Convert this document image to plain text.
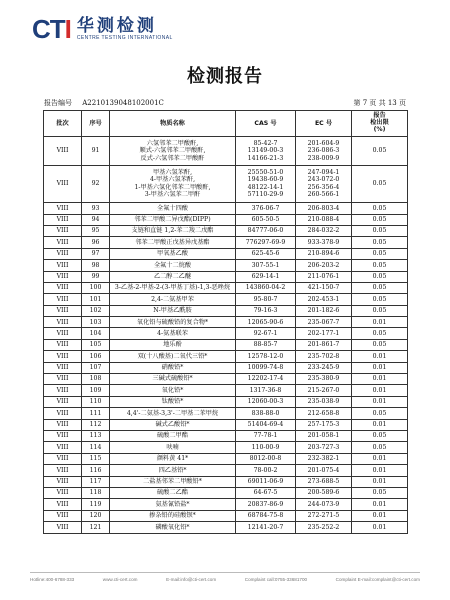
C T I 华测检测
CENTRE TESTING INTERNATIONAL
检测报告
报告编号 A2210139048102001C	第 7 页 共 13 页
批次	序号	物质名称	CAS 号	EC 号	报告
检出限
(%)

VIII	91	六氢邻苯二甲酸酐,
顺式-六氢邻苯二甲酸酐,
反式-六氢邻苯二甲酸酐	85-42-7
13149-00-3
14166-21-3	201-604-9
236-086-3
238-009-9	0.05
VIII	92	甲基六氢苯酐,
4-甲基六氢苯酐,
1-甲基六氢化邻苯二甲酸酐,
3-甲基六氢苯二甲酐	25550-51-0
19438-60-9
48122-14-1
57110-29-9	247-094-1
243-072-0
256-356-4
260-566-1	0.05
VIII	93	全氟十四酸	376-06-7	206-803-4	0.05
VIII	94	邻苯二甲酸二异戊酯(DIPP)	605-50-5	210-088-4	0.05
VIII	95	支链和直链 1,2-苯二羧二戊酯	84777-06-0	284-032-2	0.05
VIII	96	邻苯二甲酸正戊基异戊基酯	776297-69-9	933-378-9	0.05
VIII	97	甲氧基乙酸	625-45-6	210-894-6	0.05
VIII	98	全氟十二烷酸	307-55-1	206-203-2	0.05
VIII	99	乙二醇二乙醚	629-14-1	211-076-1	0.05
VIII	100	3-乙基-2-甲基-2-(3-甲基丁基)-1,3-恶唑烷	143860-04-2	421-150-7	0.05
VIII	101	2,4-二氨基甲苯	95-80-7	202-453-1	0.05
VIII	102	N-甲基乙酰胺	79-16-3	201-182-6	0.05
VIII	103	氧化铅与硫酸铅的复合物*	12065-90-6	235-067-7	0.01
VIII	104	4-氨基联苯	92-67-1	202-177-1	0.05
VIII	105	地乐酚	88-85-7	201-861-7	0.05
VIII	106	双(十八酸基)二氧代三铅*	12578-12-0	235-702-8	0.01
VIII	107	硝酸铅*	10099-74-8	233-245-9	0.01
VIII	108	三碱式硫酸铅*	12202-17-4	235-380-9	0.01
VIII	109	氧化铅*	1317-36-8	215-267-0	0.01
VIII	110	钛酸铅*	12060-00-3	235-038-9	0.01
VIII	111	4,4'-二氨基-3,3'-二甲基二苯甲烷	838-88-0	212-658-8	0.05
VIII	112	碱式乙酸铅*	51404-69-4	257-175-3	0.01
VIII	113	硫酸二甲酯	77-78-1	201-058-1	0.05
VIII	114	呋喃	110-00-9	203-727-3	0.05
VIII	115	颜料黄 41*	8012-00-8	232-382-1	0.01
VIII	116	四乙基铅*	78-00-2	201-075-4	0.01
VIII	117	二盐基邻苯二甲酸铅*	69011-06-9	273-688-5	0.01
VIII	118	硫酸二乙酯	64-67-5	200-589-6	0.05
VIII	119	氨基氰铅盐*	20837-86-9	244-073-9	0.01
VIII	120	掺杂铅的硅酸钡*	68784-75-8	272-271-5	0.01
VIII	121	磷酸氧化铅*	12141-20-7	235-252-2	0.01
Hotline:400-6788-333	www.cti-cert.com	E-mail:info@cti-cert.com	Complaint call:0755-33681700	Complaint E-mail:complaint@cti-cert.com
